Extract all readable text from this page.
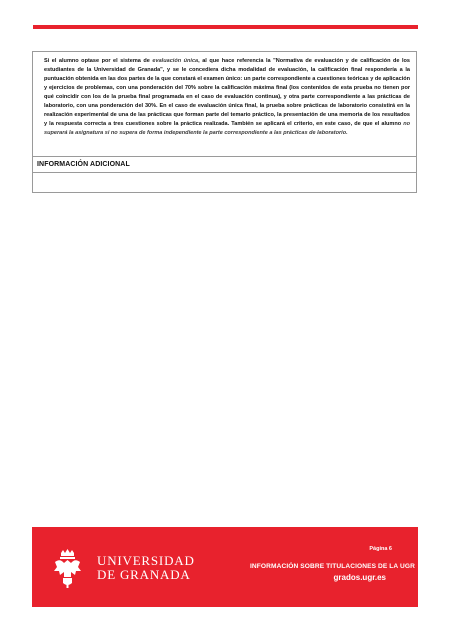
Si el alumno optase por el sistema de evaluación única, al que hace referencia la "Normativa de evaluación y de calificación de los estudiantes de la Universidad de Granada", y se le concediera dicha modalidad de evaluación, la calificación final respondería a la puntuación obtenida en las dos partes de la que constará el examen único: un parte correspondiente a cuestiones teóricas y de aplicación y ejercicios de problemas, con una ponderación del 70% sobre la calificación máxima final (los contenidos de esta prueba no tienen por qué coincidir con los de la prueba final programada en el caso de evaluación continua), y otra parte correspondiente a las prácticas de laboratorio, con una ponderación del 30%. En el caso de evaluación única final, la prueba sobre prácticas de laboratorio consistirá en la realización experimental de una de las prácticas que forman parte del temario práctico, la presentación de una memoria de los resultados y la respuesta correcta a tres cuestiones sobre la práctica realizada. También se aplicará el criterio, en este caso, de que el alumno no superará la asignatura si no supera de forma independiente la parte correspondiente a las prácticas de laboratorio.

INFORMACIÓN ADICIONAL

UNIVERSIDAD
DE GRANADA

Página 6

INFORMACIÓN SOBRE TITULACIONES DE LA UGR

grados.ugr.es
